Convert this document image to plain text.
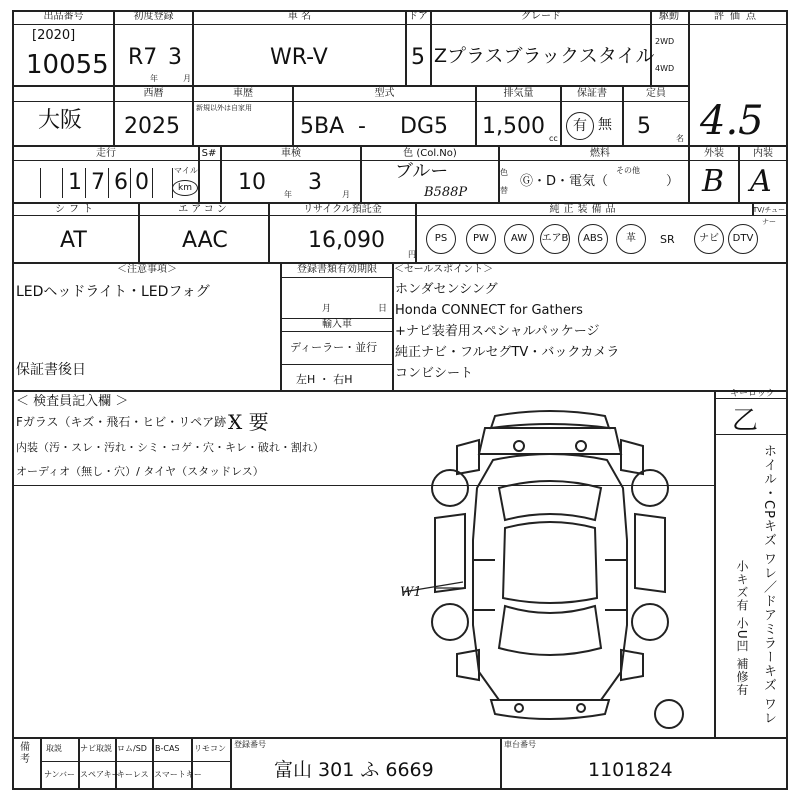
出品番号
[2020]
10055
初度登録
R7 3
年	月
車 名
WR-V
ドア
5
グレード
Zプラスブラックスタイル
駆動
2WD
4WD
評価点
4.5
大阪
西暦
2025
車歴
新規以外は自家用
型式
5BA - DG5
排気量
1,500 cc
保証書
有 無
定員
5	名
走行
1 7 6 0	マイル
km
S#	車検
10 年 3	月
色 (Col.No)
ブルー
B588P
色
替
燃料
Ⓖ・D・電気（
その他
）
外装
B
内装
A
シフト
AT
エアコン
AAC
リサイクル預託金
16,090
円
純正装備品	TV/チューナー
PS	PW	AW	エアB	ABS	革	SR	ナビ	DTV
＜注意事項＞
LEDヘッドライト・LEDフォグ
保証書後日
登録書類有効期限
月	日
輸入車
ディーラー・並行
左H ・ 右H
＜セールスポイント＞
ホンダセンシング
Honda CONNECT for Gathers
+ナビ装着用スペシャルパッケージ
純正ナビ・フルセグTV・バックカメラ
コンビシート
＜ 検査員記入欄 ＞
Fガラス（キズ・飛石・ヒビ・リペア跡・
X 要
内装（汚・スレ・汚れ・シミ・コゲ・穴・キレ・破れ・割れ）
オーディオ（無し・穴）/ タイヤ（スタッドレス）
キーロック
乙
ホイル・CPキズ ワレ／ドアミラーキズ ワレ
小キズ有 小U凹 補修有
W1
備考
取説 ナビ取説 ロム/SD B-CAS リモコン
ナンバー スペアキー
キーレス スマートキー
登録番号
富山 301 ふ 6669
車台番号
1101824
